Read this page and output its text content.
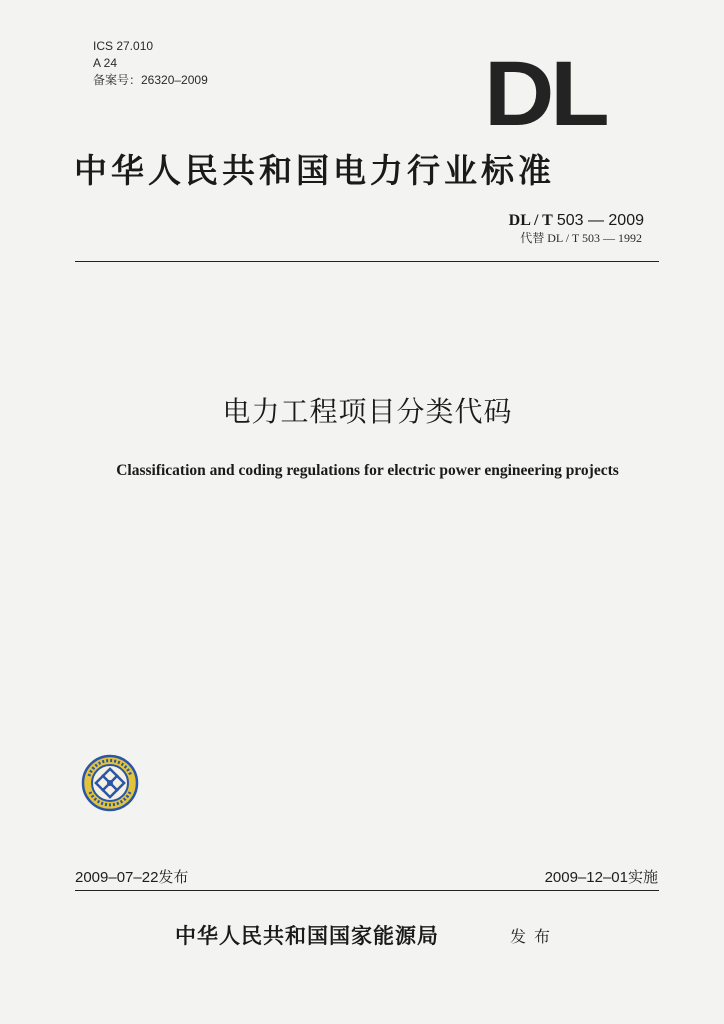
ICS 27.010
A 24
备案号：26320–2009	DL
中华人民共和国电力行业标准
DL / T 503 — 2009
代替 DL / T 503 — 1992
电力工程项目分类代码
Classification and coding regulations for electric power engineering projects
2009–07–22发布	2009–12–01实施
中华人民共和国国家能源局	发布
